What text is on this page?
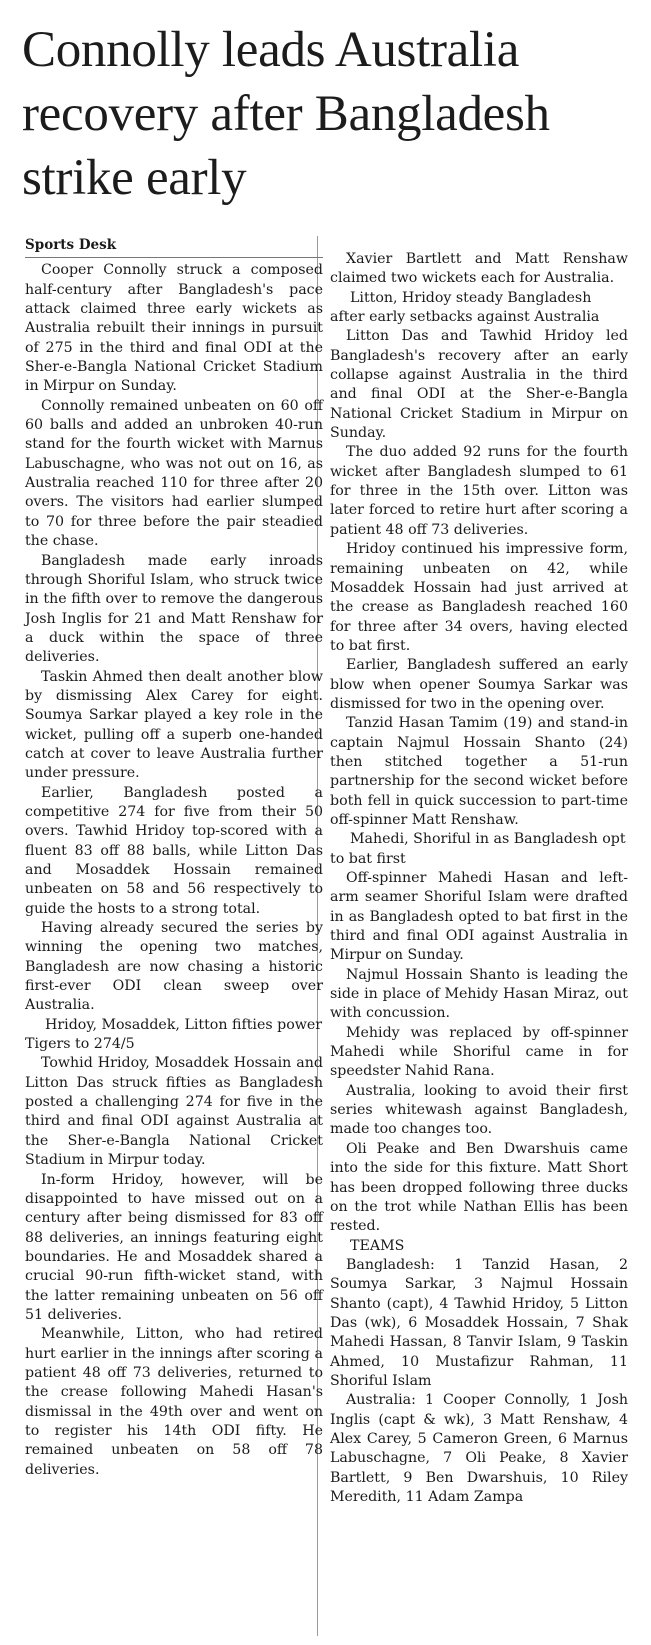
Connolly leads Australia recovery after Bangladesh strike early
Sports Desk

Cooper Connolly struck a composed half-century after Bangladesh's pace attack claimed three early wickets as Australia rebuilt their innings in pursuit of 275 in the third and final ODI at the Sher-e-Bangla National Cricket Stadium in Mirpur on Sunday.

Connolly remained unbeaten on 60 off 60 balls and added an unbroken 40-run stand for the fourth wicket with Marnus Labuschagne, who was not out on 16, as Australia reached 110 for three after 20 overs. The visitors had earlier slumped to 70 for three before the pair steadied the chase.

Bangladesh made early inroads through Shoriful Islam, who struck twice in the fifth over to remove the dangerous Josh Inglis for 21 and Matt Renshaw for a duck within the space of three deliveries.

Taskin Ahmed then dealt another blow by dismissing Alex Carey for eight. Soumya Sarkar played a key role in the wicket, pulling off a superb one-handed catch at cover to leave Australia further under pressure.

Earlier, Bangladesh posted a competitive 274 for five from their 50 overs. Tawhid Hridoy top-scored with a fluent 83 off 88 balls, while Litton Das and Mosaddek Hossain remained unbeaten on 58 and 56 respectively to guide the hosts to a strong total.

Having already secured the series by winning the opening two matches, Bangladesh are now chasing a historic first-ever ODI clean sweep over Australia.

Hridoy, Mosaddek, Litton fifties power Tigers to 274/5

Towhid Hridoy, Mosaddek Hossain and Litton Das struck fifties as Bangladesh posted a challenging 274 for five in the third and final ODI against Australia at the Sher-e-Bangla National Cricket Stadium in Mirpur today.

In-form Hridoy, however, will be disappointed to have missed out on a century after being dismissed for 83 off 88 deliveries, an innings featuring eight boundaries. He and Mosaddek shared a crucial 90-run fifth-wicket stand, with the latter remaining unbeaten on 56 off 51 deliveries.

Meanwhile, Litton, who had retired hurt earlier in the innings after scoring a patient 48 off 73 deliveries, returned to the crease following Mahedi Hasan's dismissal in the 49th over and went on to register his 14th ODI fifty. He remained unbeaten on 58 off 78 deliveries.

Xavier Bartlett and Matt Renshaw claimed two wickets each for Australia.

Litton, Hridoy steady Bangladesh after early setbacks against Australia

Litton Das and Tawhid Hridoy led Bangladesh's recovery after an early collapse against Australia in the third and final ODI at the Sher-e-Bangla National Cricket Stadium in Mirpur on Sunday.

The duo added 92 runs for the fourth wicket after Bangladesh slumped to 61 for three in the 15th over. Litton was later forced to retire hurt after scoring a patient 48 off 73 deliveries.

Hridoy continued his impressive form, remaining unbeaten on 42, while Mosaddek Hossain had just arrived at the crease as Bangladesh reached 160 for three after 34 overs, having elected to bat first.

Earlier, Bangladesh suffered an early blow when opener Soumya Sarkar was dismissed for two in the opening over.

Tanzid Hasan Tamim (19) and stand-in captain Najmul Hossain Shanto (24) then stitched together a 51-run partnership for the second wicket before both fell in quick succession to part-time off-spinner Matt Renshaw.

Mahedi, Shoriful in as Bangladesh opt to bat first

Off-spinner Mahedi Hasan and left-arm seamer Shoriful Islam were drafted in as Bangladesh opted to bat first in the third and final ODI against Australia in Mirpur on Sunday.

Najmul Hossain Shanto is leading the side in place of Mehidy Hasan Miraz, out with concussion.

Mehidy was replaced by off-spinner Mahedi while Shoriful came in for speedster Nahid Rana.

Australia, looking to avoid their first series whitewash against Bangladesh, made too changes too.

Oli Peake and Ben Dwarshuis came into the side for this fixture. Matt Short has been dropped following three ducks on the trot while Nathan Ellis has been rested.

TEAMS

Bangladesh: 1 Tanzid Hasan, 2 Soumya Sarkar, 3 Najmul Hossain Shanto (capt), 4 Tawhid Hridoy, 5 Litton Das (wk), 6 Mosaddek Hossain, 7 Shak Mahedi Hassan, 8 Tanvir Islam, 9 Taskin Ahmed, 10 Mustafizur Rahman, 11 Shoriful Islam

Australia: 1 Cooper Connolly, 1 Josh Inglis (capt & wk), 3 Matt Renshaw, 4 Alex Carey, 5 Cameron Green, 6 Marnus Labuschagne, 7 Oli Peake, 8 Xavier Bartlett, 9 Ben Dwarshuis, 10 Riley Meredith, 11 Adam Zampa
